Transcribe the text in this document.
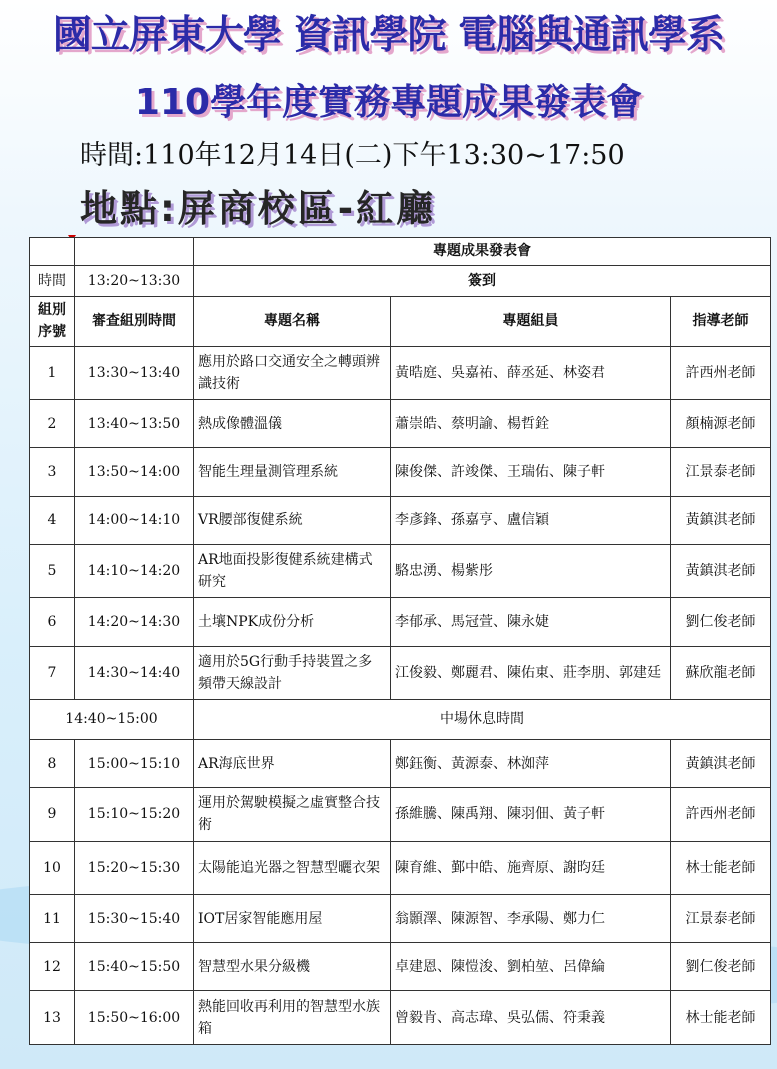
國立屏東大學 資訊學院 電腦與通訊學系
110學年度實務專題成果發表會
時間:110年12月14日(二)下午13:30~17:50
地點:屏商校區-紅廳
		專題成果發表會		
時間	13:20~13:30	簽到		
組別序號	審查組別時間	專題名稱	專題組員	指導老師
1	13:30~13:40	應用於路口交通安全之轉頭辨識技術	黃晧庭、吳嘉祐、薛丞延、林姿君	許西州老師
2	13:40~13:50	熱成像體溫儀	蕭崇皓、蔡明諭、楊哲銓	顏楠源老師
3	13:50~14:00	智能生理量測管理系統	陳俊傑、許竣傑、王瑞佑、陳子軒	江景泰老師
4	14:00~14:10	VR腰部復健系統	李彥鋒、孫嘉亨、盧信穎	黃鎮淇老師
5	14:10~14:20	AR地面投影復健系統建構式研究	駱忠湧、楊紫彤	黃鎮淇老師
6	14:20~14:30	土壤NPK成份分析	李郁承、馬冠萱、陳永婕	劉仁俊老師
7	14:30~14:40	適用於5G行動手持裝置之多頻帶天線設計	江俊毅、鄭麗君、陳佑東、莊李朋、郭建廷	蘇欣龍老師
14:40~15:00		中場休息時間		
8	15:00~15:10	AR海底世界	鄭鈺衡、黃源泰、林洳萍	黃鎮淇老師
9	15:10~15:20	運用於駕駛模擬之虛實整合技術	孫維騰、陳禹翔、陳羽佃、黃子軒	許西州老師
10	15:20~15:30	太陽能追光器之智慧型曬衣架	陳育維、鄞中皓、施齊原、謝昀廷	林士能老師
11	15:30~15:40	IOT居家智能應用屋	翁顥澤、陳源智、李承陽、鄭力仁	江景泰老師
12	15:40~15:50	智慧型水果分級機	卓建恩、陳愷浚、劉柏堃、呂偉綸	劉仁俊老師
13	15:50~16:00	熱能回收再利用的智慧型水族箱	曾毅肯、高志瑋、吳弘儒、符秉義	林士能老師
